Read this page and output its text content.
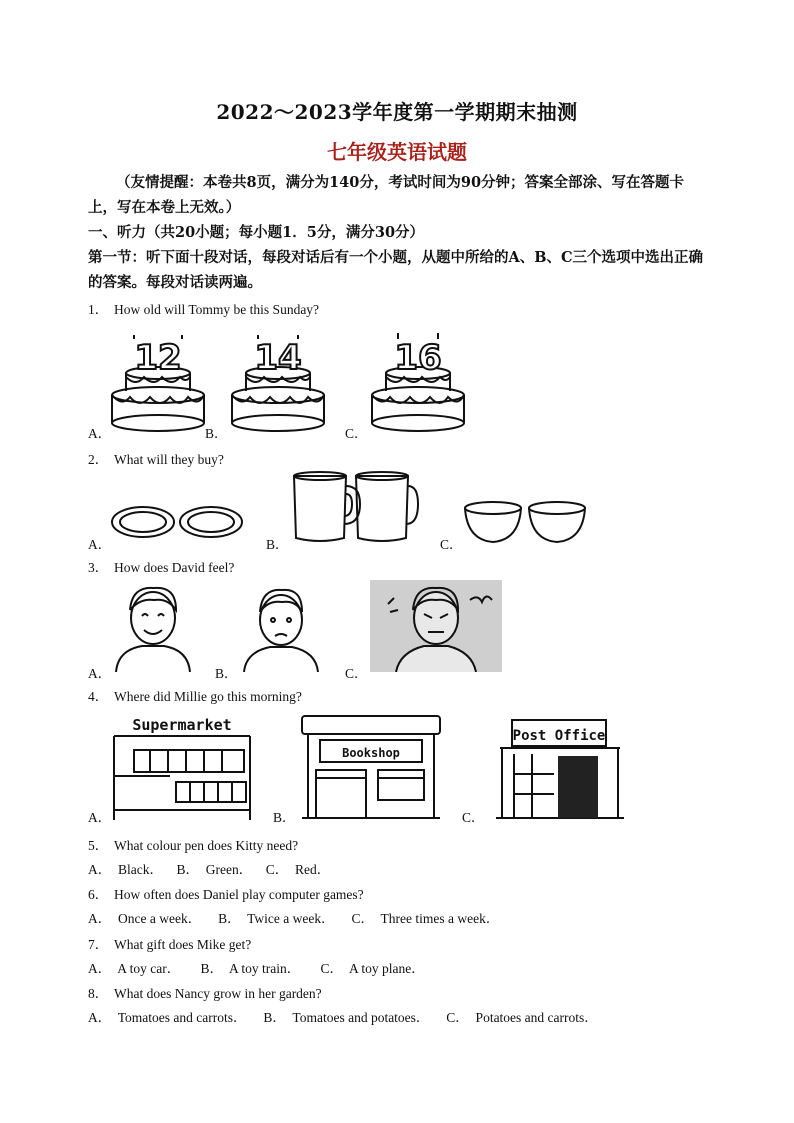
2022～2023学年度第一学期期末抽测
七年级英语试题
（友情提醒：本卷共8页，满分为140分，考试时间为90分钟；答案全部涂、写在答题卡上，写在本卷上无效。）
一、听力（共20小题；每小题1．5分，满分30分）
第一节：听下面十段对话，每段对话后有一个小题，从题中所给的A、B、C三个选项中选出正确的答案。每段对话读两遍。
1． How old will Tommy be this Sunday?
A．	B．	C．
12 14	16
2． What will they buy?
A．	B．	C．
3． How does David feel?
A．	B．	C．
4． Where did Millie go this morning?
A．	B．	C．
Supermarket
Bookshop
Post Office
5． What colour pen does Kitty need?
A．  Black．    B．  Green．    C．  Red．
6． How often does Daniel play computer games?
A．  Once a week．     B．  Twice a week．     C．  Three times a week．
7． What gift does Mike get?
A．  A toy car．      B．  A toy train．      C．  A toy plane．
8． What does Nancy grow in her garden?
A．  Tomatoes and carrots．     B．  Tomatoes and potatoes．     C．  Potatoes and carrots．
